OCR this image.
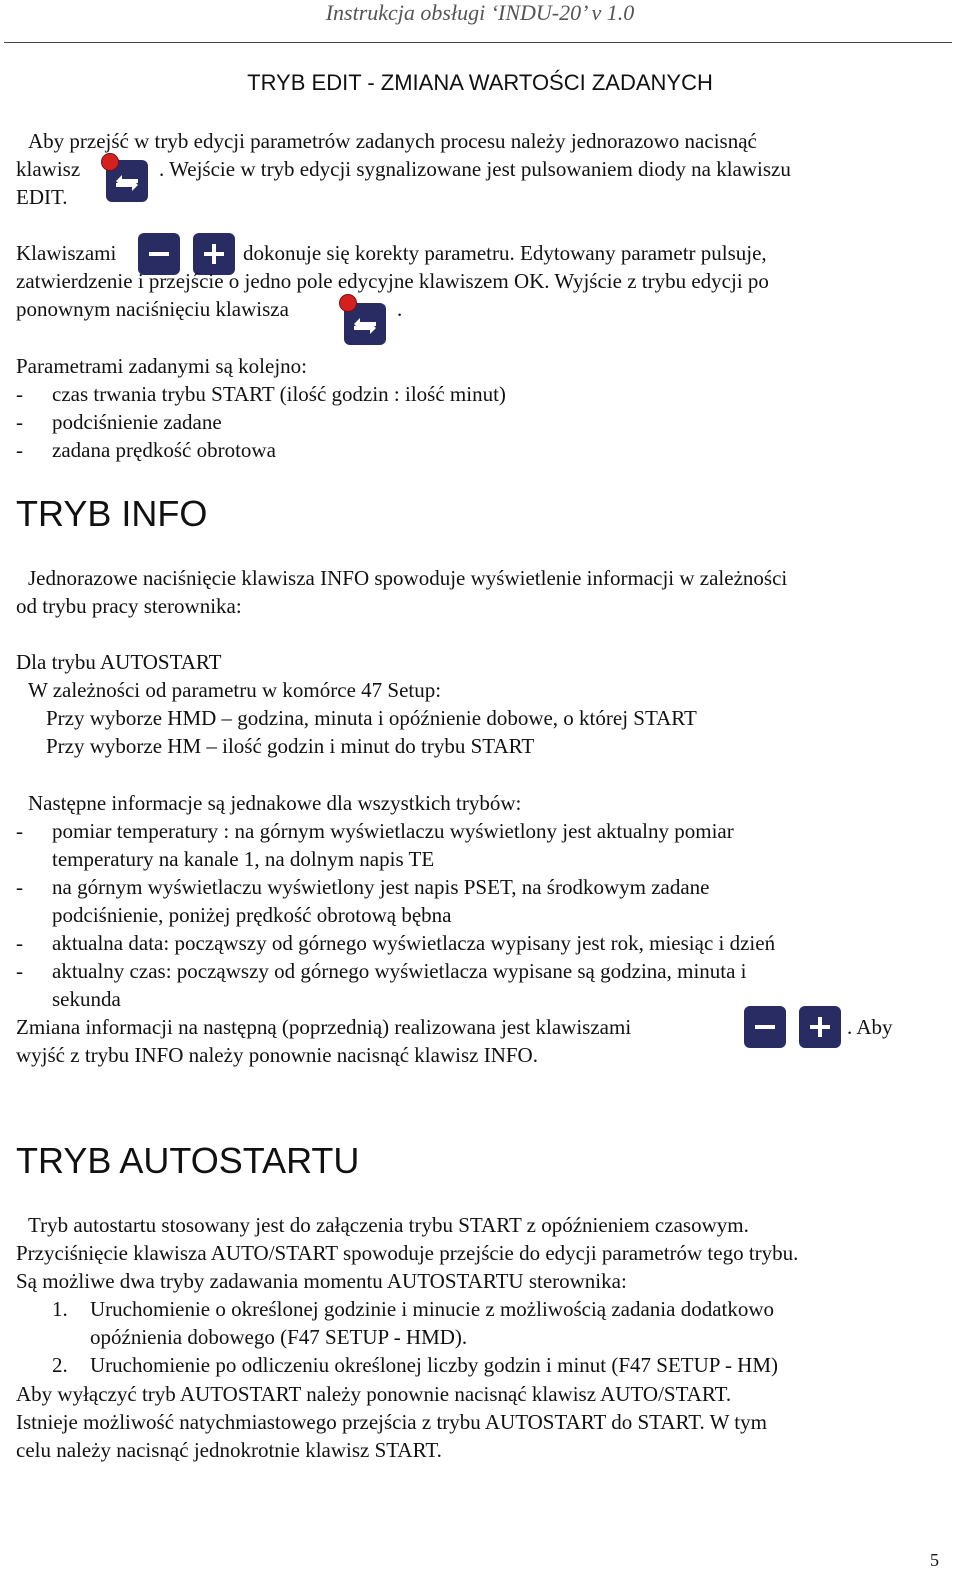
Instrukcja obsługi ‘INDU-20’ v 1.0
TRYB EDIT - ZMIANA WARTOŚCI ZADANYCH
Aby przejść w tryb edycji parametrów zadanych procesu należy jednorazowo nacisnąć
klawisz	. Wejście w tryb edycji sygnalizowane jest pulsowaniem diody na klawiszu
EDIT.
Klawiszami	dokonuje się korekty parametru. Edytowany parametr pulsuje,
zatwierdzenie i przejście o jedno pole edycyjne klawiszem OK. Wyjście z trybu edycji po
ponownym naciśnięciu klawisza	.
Parametrami zadanymi są kolejno:
- czas trwania trybu START (ilość godzin : ilość minut)
- podciśnienie zadane
- zadana prędkość obrotowa
TRYB INFO
Jednorazowe naciśnięcie klawisza INFO spowoduje wyświetlenie informacji w zależności
od trybu pracy sterownika:
Dla trybu AUTOSTART
W zależności od parametru w komórce 47 Setup:
Przy wyborze HMD – godzina, minuta i opóźnienie dobowe, o której START
Przy wyborze HM – ilość godzin i minut do trybu START
Następne informacje są jednakowe dla wszystkich trybów:
- pomiar temperatury : na górnym wyświetlaczu wyświetlony jest aktualny pomiar
temperatury na kanale 1, na dolnym napis TE
- na górnym wyświetlaczu wyświetlony jest napis PSET, na środkowym zadane
podciśnienie, poniżej prędkość obrotową bębna
- aktualna data: począwszy od górnego wyświetlacza wypisany jest rok, miesiąc i dzień
- aktualny czas: począwszy od górnego wyświetlacza wypisane są godzina, minuta i
sekunda
Zmiana informacji na następną (poprzednią) realizowana jest klawiszami	. Aby
wyjść z trybu INFO należy ponownie nacisnąć klawisz INFO.
TRYB AUTOSTARTU
Tryb autostartu stosowany jest do załączenia trybu START z opóźnieniem czasowym.
Przyciśnięcie klawisza AUTO/START spowoduje przejście do edycji parametrów tego trybu.
Są możliwe dwa tryby zadawania momentu AUTOSTARTU sterownika:
1. Uruchomienie o określonej godzinie i minucie z możliwością zadania dodatkowo
opóźnienia dobowego (F47 SETUP - HMD).
2. Uruchomienie po odliczeniu określonej liczby godzin i minut (F47 SETUP - HM)
Aby wyłączyć tryb AUTOSTART należy ponownie nacisnąć klawisz AUTO/START.
Istnieje możliwość natychmiastowego przejścia z trybu AUTOSTART do START. W tym
celu należy nacisnąć jednokrotnie klawisz START.
5
